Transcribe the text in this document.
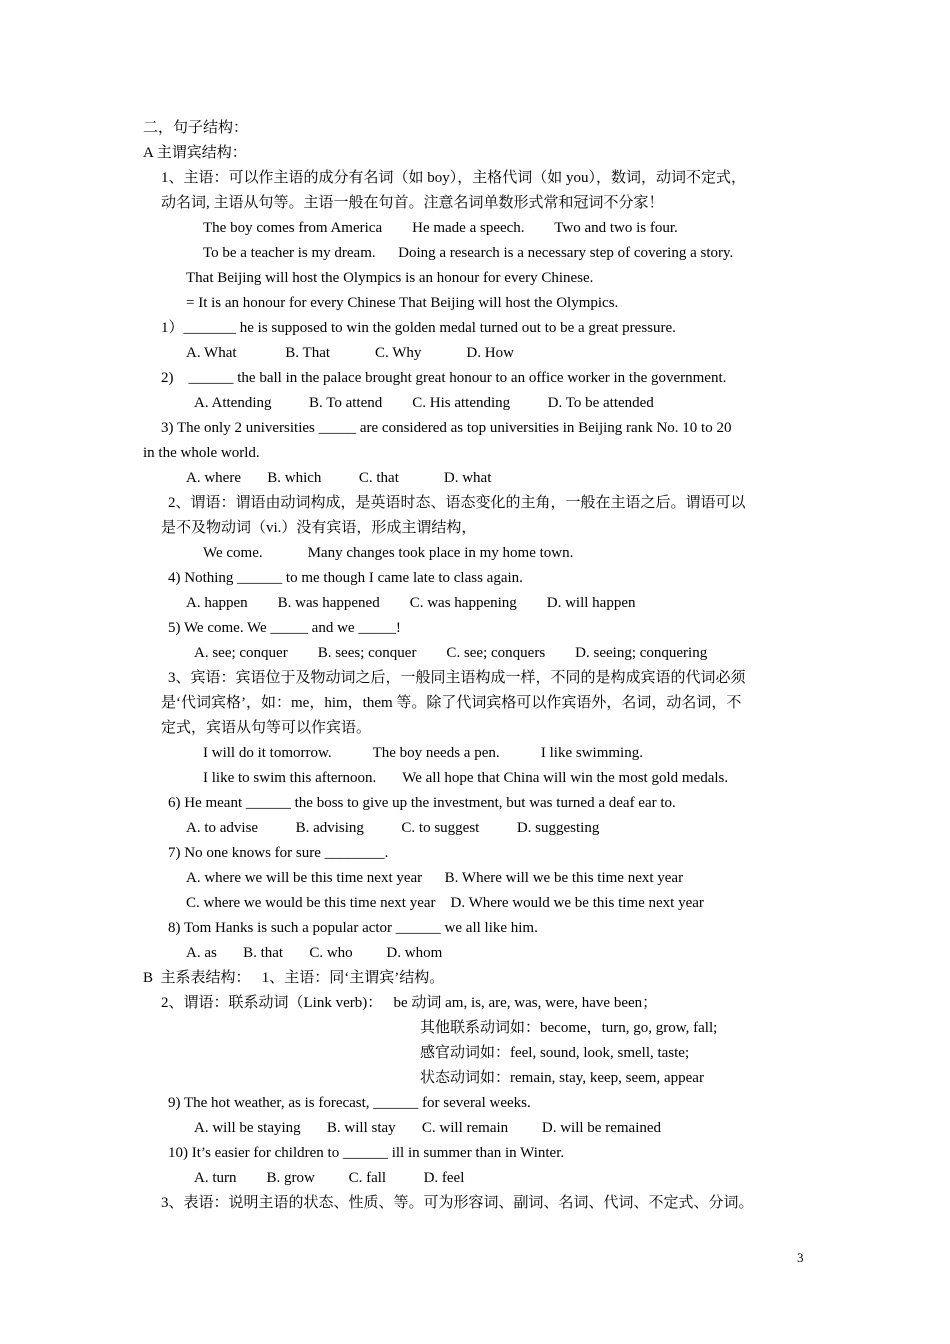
二，句子结构：
A 主谓宾结构：
1、主语：可以作主语的成分有名词（如 boy），主格代词（如 you），数词，动词不定式，
动名词, 主语从句等。主语一般在句首。注意名词单数形式常和冠词不分家！
The boy comes from America        He made a speech.        Two and two is four.
To be a teacher is my dream.      Doing a research is a necessary step of covering a story.
That Beijing will host the Olympics is an honour for every Chinese.
= It is an honour for every Chinese That Beijing will host the Olympics.
1）_______ he is supposed to win the golden medal turned out to be a great pressure.
A. What             B. That            C. Why            D. How
2)    ______ the ball in the palace brought great honour to an office worker in the government.
A. Attending          B. To attend        C. His attending          D. To be attended
3) The only 2 universities _____ are considered as top universities in Beijing rank No. 10 to 20
in the whole world.
A. where       B. which          C. that            D. what
2、谓语：谓语由动词构成，是英语时态、语态变化的主角，一般在主语之后。谓语可以
是不及物动词（vi.）没有宾语，形成主谓结构，
We come.            Many changes took place in my home town.
4) Nothing ______ to me though I came late to class again.
A. happen        B. was happened        C. was happening        D. will happen
5) We come. We _____ and we _____!
A. see; conquer        B. sees; conquer        C. see; conquers        D. seeing; conquering
3、宾语：宾语位于及物动词之后，一般同主语构成一样，不同的是构成宾语的代词必须
是‘代词宾格’，如：me，him，them 等。除了代词宾格可以作宾语外，名词，动名词，不
定式，宾语从句等可以作宾语。
I will do it tomorrow.           The boy needs a pen.           I like swimming.
I like to swim this afternoon.       We all hope that China will win the most gold medals.
6) He meant ______ the boss to give up the investment, but was turned a deaf ear to.
A. to advise          B. advising          C. to suggest          D. suggesting
7) No one knows for sure ________.
A. where we will be this time next year      B. Where will we be this time next year
C. where we would be this time next year    D. Where would we be this time next year
8) Tom Hanks is such a popular actor ______ we all like him.
A. as       B. that       C. who         D. whom
B  主系表结构：   1、主语：同‘主谓宾’结构。
2、谓语：联系动词（Link verb)：   be 动词 am, is, are, was, were, have been；
其他联系动词如：become，turn, go, grow, fall;
感官动词如：feel, sound, look, smell, taste;
状态动词如：remain, stay, keep, seem, appear
9) The hot weather, as is forecast, ______ for several weeks.
A. will be staying       B. will stay       C. will remain         D. will be remained
10) It’s easier for children to ______ ill in summer than in Winter.
A. turn        B. grow         C. fall          D. feel
3、表语：说明主语的状态、性质、等。可为形容词、副词、名词、代词、不定式、分词。
3
